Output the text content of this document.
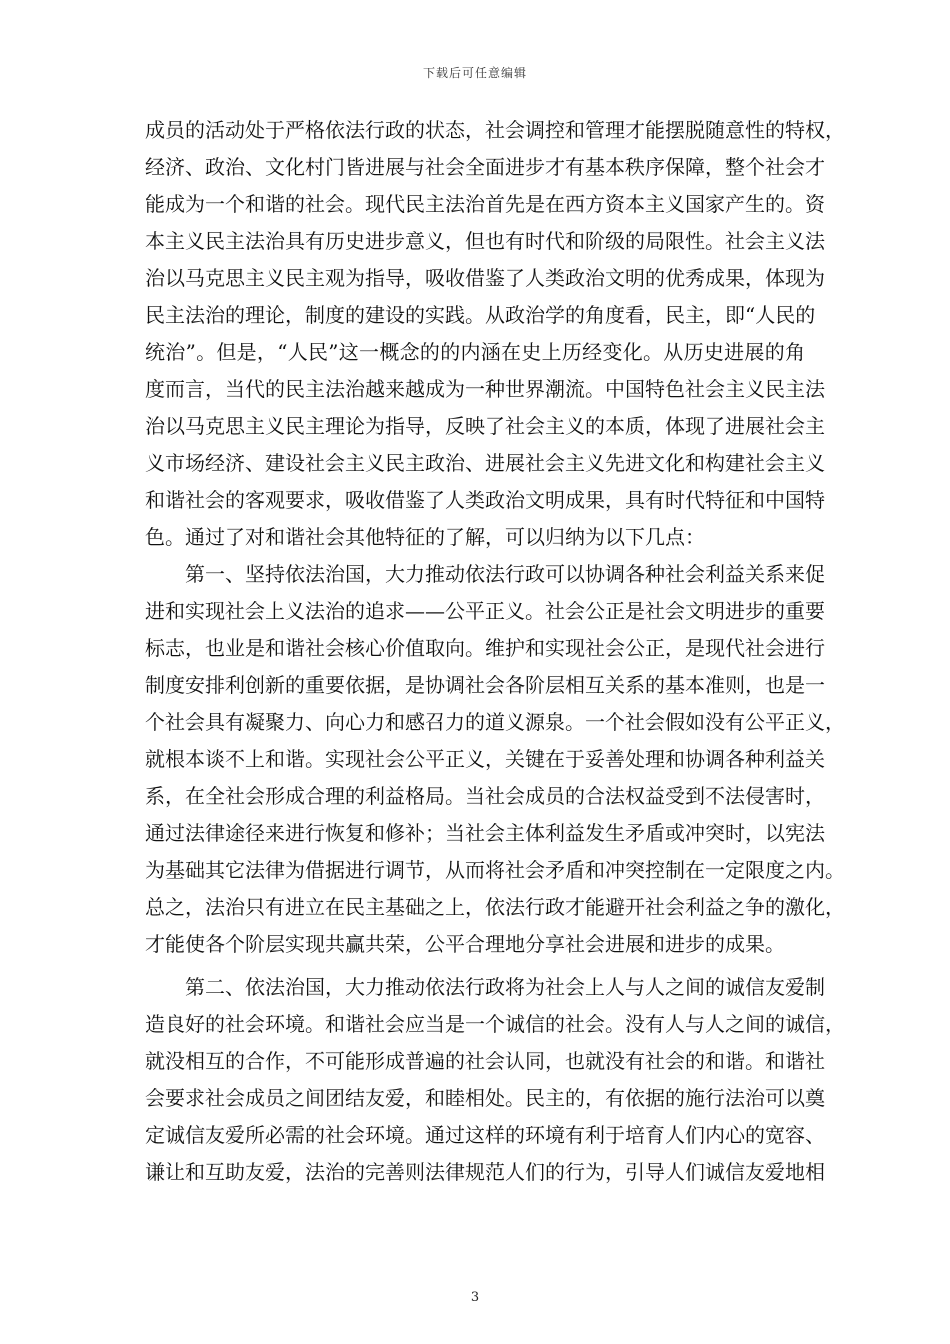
下载后可任意编辑
成员的活动处于严格依法行政的状态，社会调控和管理才能摆脱随意性的特权，
经济、政治、文化村门皆进展与社会全面进步才有基本秩序保障，整个社会才
能成为一个和谐的社会。现代民主法治首先是在西方资本主义国家产生的。资
本主义民主法治具有历史进步意义，但也有时代和阶级的局限性。社会主义法
治以马克思主义民主观为指导，吸收借鉴了人类政治文明的优秀成果，体现为
民主法治的理论，制度的建设的实践。从政治学的角度看，民主，即“人民的
统治”。但是，“人民”这一概念的的内涵在史上历经变化。从历史进展的角
度而言，当代的民主法治越来越成为一种世界潮流。中国特色社会主义民主法
治以马克思主义民主理论为指导，反映了社会主义的本质，体现了进展社会主
义市场经济、建设社会主义民主政治、进展社会主义先进文化和构建社会主义
和谐社会的客观要求，吸收借鉴了人类政治文明成果，具有时代特征和中国特
色。通过了对和谐社会其他特征的了解，可以归纳为以下几点：
　　第一、坚持依法治国，大力推动依法行政可以协调各种社会利益关系来促
进和实现社会上义法治的追求——公平正义。社会公正是社会文明进步的重要
标志，也业是和谐社会核心价值取向。维护和实现社会公正，是现代社会进行
制度安排利创新的重要依据，是协调社会各阶层相互关系的基本准则，也是一
个社会具有凝聚力、向心力和感召力的道义源泉。一个社会假如没有公平正义，
就根本谈不上和谐。实现社会公平正义，关键在于妥善处理和协调各种利益关
系，在全社会形成合理的利益格局。当社会成员的合法权益受到不法侵害时，
通过法律途径来进行恢复和修补；当社会主体利益发生矛盾或冲突时，以宪法
为基础其它法律为借据进行调节，从而将社会矛盾和冲突控制在一定限度之内。
总之，法治只有进立在民主基础之上，依法行政才能避开社会利益之争的激化，
才能使各个阶层实现共赢共荣，公平合理地分享社会进展和进步的成果。
　　第二、依法治国，大力推动依法行政将为社会上人与人之间的诚信友爱制
造良好的社会环境。和谐社会应当是一个诚信的社会。没有人与人之间的诚信，
就没相互的合作，不可能形成普遍的社会认同，也就没有社会的和谐。和谐社
会要求社会成员之间团结友爱，和睦相处。民主的，有依据的施行法治可以奠
定诚信友爱所必需的社会环境。通过这样的环境有利于培育人们内心的宽容、
谦让和互助友爱，法治的完善则法律规范人们的行为，引导人们诚信友爱地相
3
